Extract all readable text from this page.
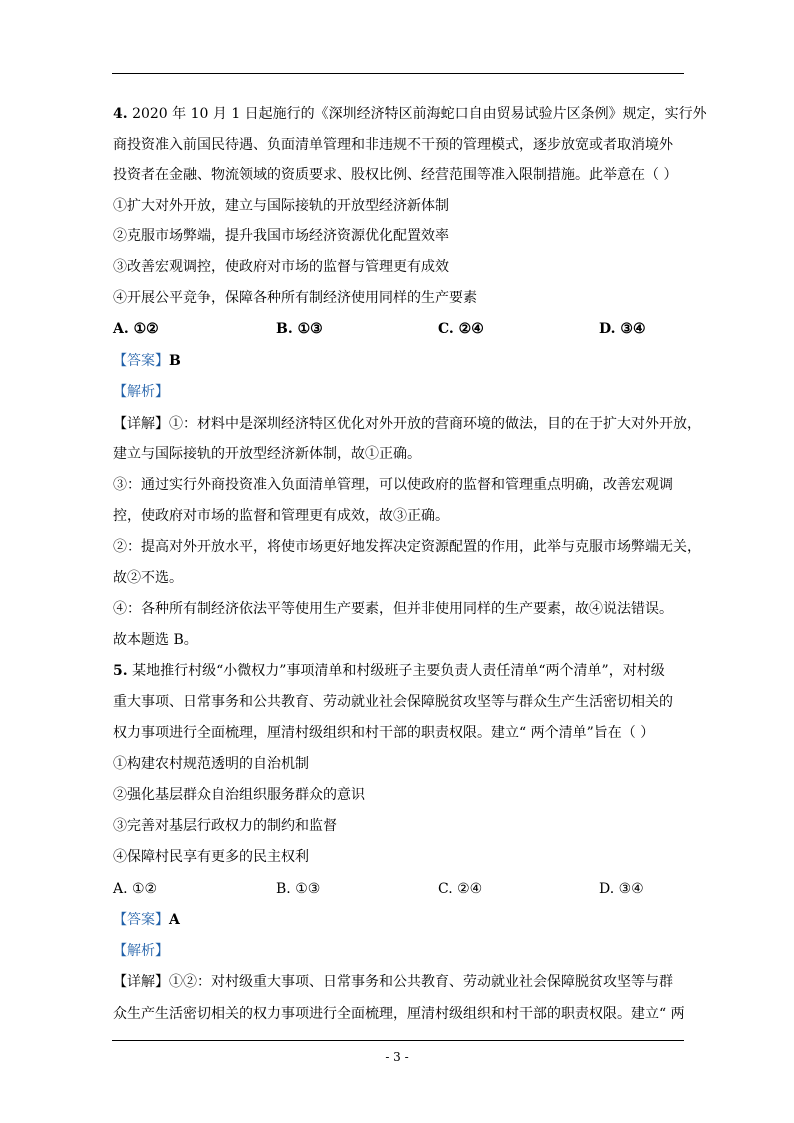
4. 2020 年 10 月 1 日起施行的《深圳经济特区前海蛇口自由贸易试验片区条例》规定，实行外
商投资准入前国民待遇、负面清单管理和非违规不干预的管理模式，逐步放宽或者取消境外
投资者在金融、物流领域的资质要求、股权比例、经营范围等准入限制措施。此举意在（ ）
①扩大对外开放，建立与国际接轨的开放型经济新体制
②克服市场弊端，提升我国市场经济资源优化配置效率
③改善宏观调控，使政府对市场的监督与管理更有成效
④开展公平竞争，保障各种所有制经济使用同样的生产要素
A. ①②	B. ①③	C. ②④	D. ③④
【答案】B
【解析】
【详解】①：材料中是深圳经济特区优化对外开放的营商环境的做法，目的在于扩大对外开放，
建立与国际接轨的开放型经济新体制，故①正确。
③：通过实行外商投资准入负面清单管理，可以使政府的监督和管理重点明确，改善宏观调
控，使政府对市场的监督和管理更有成效，故③正确。
②：提高对外开放水平，将使市场更好地发挥决定资源配置的作用，此举与克服市场弊端无关，
故②不选。
④：各种所有制经济依法平等使用生产要素，但并非使用同样的生产要素，故④说法错误。
故本题选 B。
5. 某地推行村级“小微权力”事项清单和村级班子主要负责人责任清单“两个清单”，对村级
重大事项、日常事务和公共教育、劳动就业社会保障脱贫攻坚等与群众生产生活密切相关的
权力事项进行全面梳理，厘清村级组织和村干部的职责权限。建立“ 两个清单”旨在（ ）
①构建农村规范透明的自治机制
②强化基层群众自治组织服务群众的意识
③完善对基层行政权力的制约和监督
④保障村民享有更多的民主权利
A. ①②	B. ①③	C. ②④	D. ③④
【答案】A
【解析】
【详解】①②：对村级重大事项、日常事务和公共教育、劳动就业社会保障脱贫攻坚等与群
众生产生活密切相关的权力事项进行全面梳理，厘清村级组织和村干部的职责权限。建立“ 两
- 3 -
